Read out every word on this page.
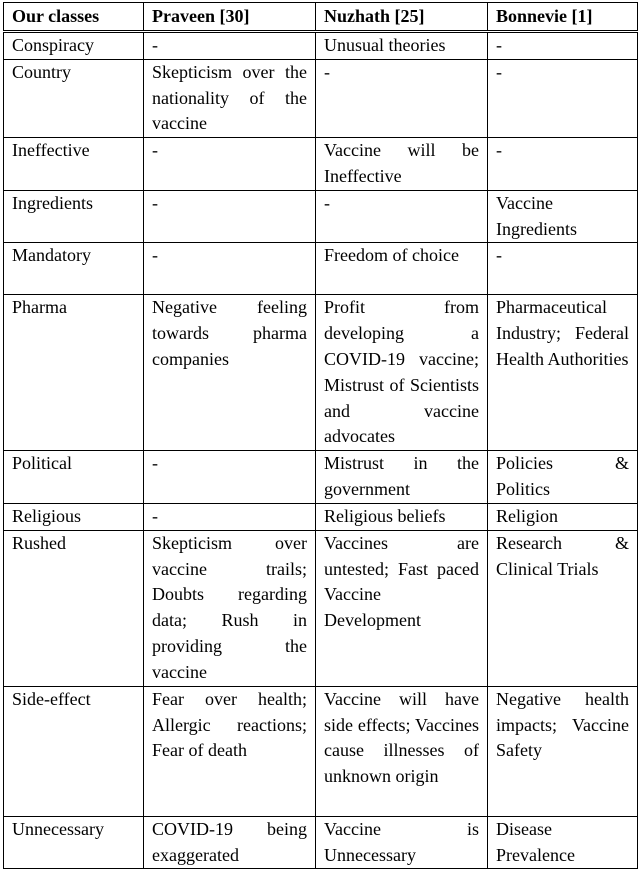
Our classes	Praveen [30]	Nuzhath [25]	Bonnevie [1]
Conspiracy	-	Unusual theories	-
Country	Skepticism over the nationality of the vaccine	-	-
Ineffective	-	Vaccine will be Ineffective	-
Ingredients	-	-	Vaccine Ingredients
Mandatory	-	Freedom of choice	-
Pharma	Negative feeling towards pharma companies	Profit from developing a COVID-19 vaccine; Mistrust of Scientists and vaccine advocates	Pharmaceutical Industry; Federal Health Authorities
Political	-	Mistrust in the government	Policies & Politics
Religious	-	Religious beliefs	Religion
Rushed	Skepticism over vaccine trails; Doubts regarding data; Rush in providing the vaccine	Vaccines are untested; Fast paced Vaccine Development	Research & Clinical Trials
Side-effect	Fear over health; Allergic reactions; Fear of death	Vaccine will have side effects; Vaccines cause illnesses of unknown origin	Negative health impacts; Vaccine Safety
Unnecessary	COVID-19 being exaggerated	Vaccine is Unnecessary	Disease Prevalence
